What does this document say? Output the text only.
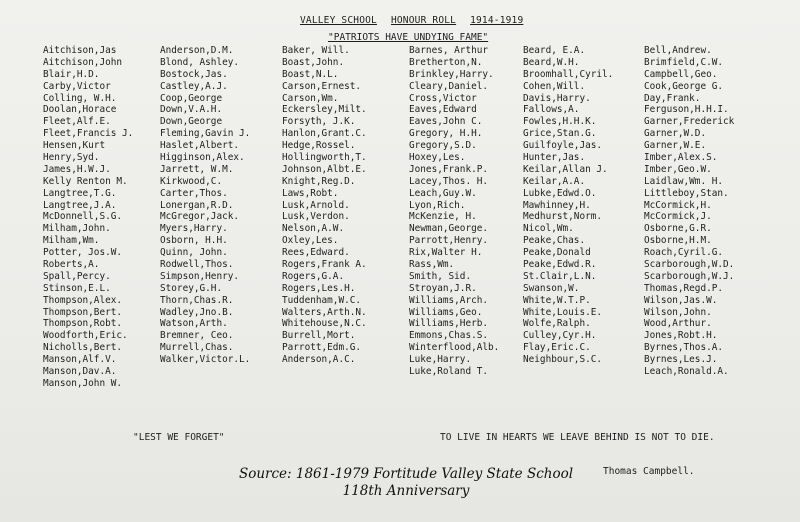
VALLEY SCHOOL HONOUR ROLL 1914-1919
"PATRIOTS HAVE UNDYING FAME"
Aitchison,Jas
Aitchison,John
Blair,H.D.
Carby,Victor
Colling, W.H.
Doolan,Horace
Fleet,Alf.E.
Fleet,Francis J.
Hensen,Kurt
Henry,Syd.
James,H.W.J.
Kelly Renton M.
Langtree,T.G.
Langtree,J.A.
McDonnell,S.G.
Milham,John.
Milham,Wm.
Potter, Jos.W.
Roberts,A.
Spall,Percy.
Stinson,E.L.
Thompson,Alex.
Thompson,Bert.
Thompson,Robt.
Woodforth,Eric.
Nicholls,Bert.
Manson,Alf.V.
Manson,Dav.A.
Manson,John W.
Anderson,D.M.
Blond, Ashley.
Bostock,Jas.
Castley,A.J.
Coop,George
Down,V.A.H.
Down,George
Fleming,Gavin J.
Haslet,Albert.
Higginson,Alex.
Jarrett, W.M.
Kirkwood,C.
Carter,Thos.
Lonergan,R.D.
McGregor,Jack.
Myers,Harry.
Osborn, H.H.
Quinn, John.
Rodwell,Thos.
Simpson,Henry.
Storey,G.H.
Thorn,Chas.R.
Wadley,Jno.B.
Watson,Arth.
Bremner, Ceo.
Murrell,Chas.
Walker,Victor.L.
Baker, Will.
Boast,John.
Boast,N.L.
Carson,Ernest.
Carson,Wm.
Eckersley,Milt.
Forsyth, J.K.
Hanlon,Grant.C.
Hedge,Rossel.
Hollingworth,T.
Johnson,Albt.E.
Knight,Reg.D.
Laws,Robt.
Lusk,Arnold.
Lusk,Verdon.
Nelson,A.W.
Oxley,Les.
Rees,Edward.
Rogers,Frank A.
Rogers,G.A.
Rogers,Les.H.
Tuddenham,W.C.
Walters,Arth.N.
Whitehouse,N.C.
Burrell,Mort.
Parrott,Edm.G.
Anderson,A.C.
Barnes, Arthur
Bretherton,N.
Brinkley,Harry.
Cleary,Daniel.
Cross,Victor
Eaves,Edward
Eaves,John C.
Gregory, H.H.
Gregory,S.D.
Hoxey,Les.
Jones,Frank.P.
Lacey,Thos. H.
Leach,Guy.W.
Lyon,Rich.
McKenzie, H.
Newman,George.
Parrott,Henry.
Rix,Walter H.
Rass,Wm.
Smith, Sid.
Stroyan,J.R.
Williams,Arch.
Williams,Geo.
Williams,Herb.
Emmons,Chas.S.
Winterflood,Alb.
Luke,Harry.
Luke,Roland T.
Beard, E.A.
Beard,W.H.
Broomhall,Cyril.
Cohen,Will.
Davis,Harry.
Fallows,A.
Fowles,H.H.K.
Grice,Stan.G.
Guilfoyle,Jas.
Hunter,Jas.
Keilar,Allan J.
Keilar,A.A.
Lubke,Edwd.O.
Mawhinney,H.
Medhurst,Norm.
Nicol,Wm.
Peake,Chas.
Peake,Donald
Peake,Edwd.R.
St.Clair,L.N.
Swanson,W.
White,W.T.P.
White,Louis.E.
Wolfe,Ralph.
Culley,Cyr.H.
Flay,Eric.C.
Neighbour,S.C.
Bell,Andrew.
Brimfield,C.W.
Campbell,Geo.
Cook,George G.
Day,Frank.
Ferguson,H.H.I.
Garner,Frederick
Garner,W.D.
Garner,W.E.
Imber,Alex.S.
Imber,Geo.W.
Laidlaw,Wm. H.
Littleboy,Stan.
McCormick,H.
McCormick,J.
Osborne,G.R.
Osborne,H.M.
Roach,Cyril.G.
Scarborough,W.D.
Scarborough,W.J.
Thomas,Regd.P.
Wilson,Jas.W.
Wilson,John.
Wood,Arthur.
Jones,Robt.H.
Byrnes,Thos.A.
Byrnes,Les.J.
Leach,Ronald.A.
"LEST WE FORGET"	TO LIVE IN HEARTS WE LEAVE BEHIND IS NOT TO DIE.
Source: 1861-1979 Fortitude Valley State School
118th Anniversary
Thomas Campbell.
